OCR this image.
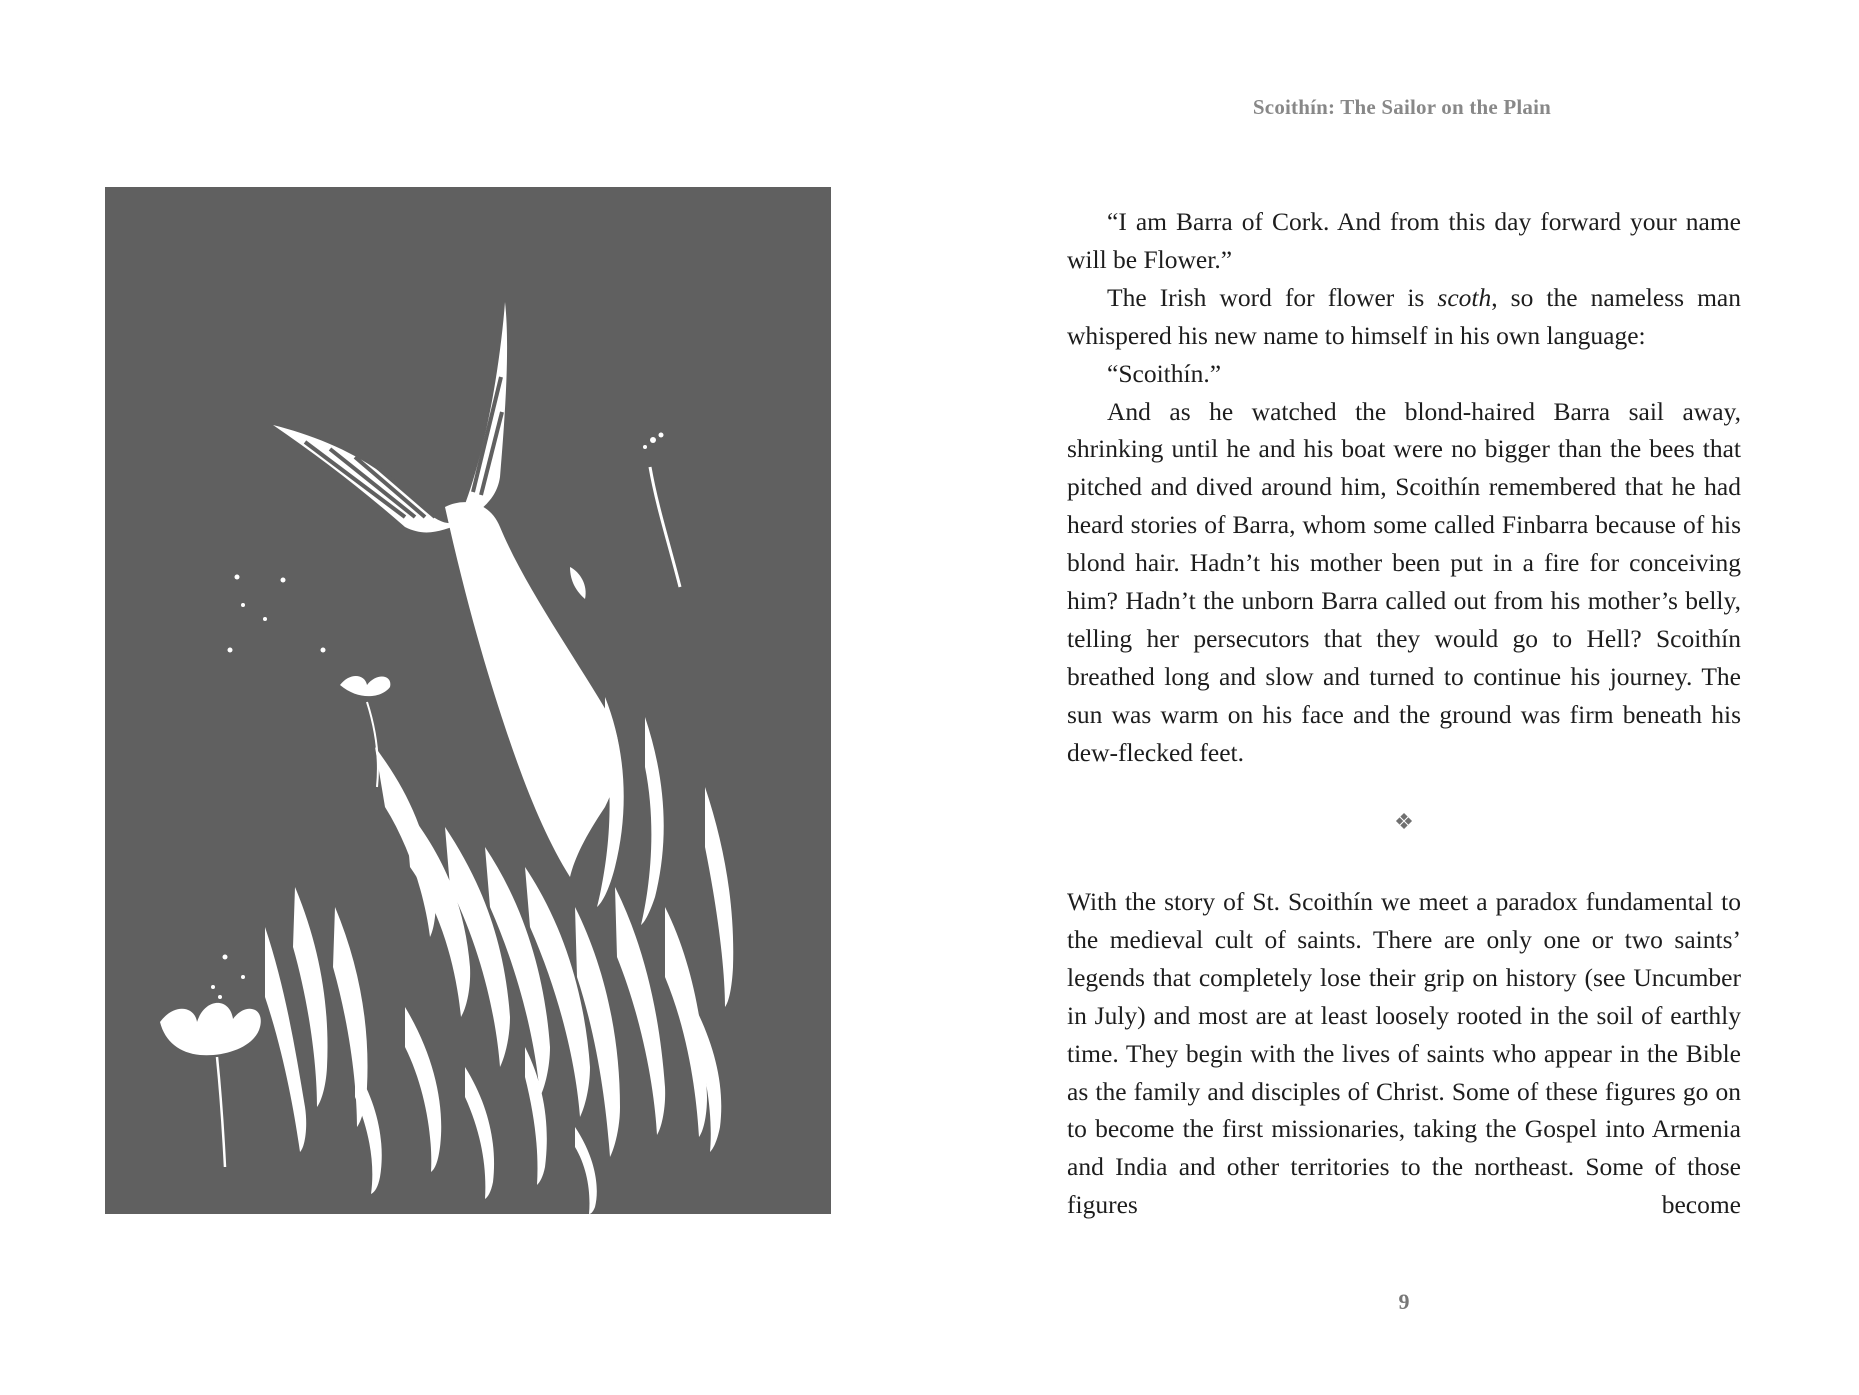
Scoithín: The Sailor on the Plain

“I am Barra of Cork. And from this day forward your name will be Flower.”

The Irish word for flower is scoth, so the nameless man whispered his new name to himself in his own language:

“Scoithín.”

And as he watched the blond-haired Barra sail away, shrinking until he and his boat were no bigger than the bees that pitched and dived around him, Scoithín remembered that he had heard stories of Barra, whom some called Finbarra because of his blond hair. Hadn’t his mother been put in a fire for conceiving him? Hadn’t the unborn Barra called out from his mother’s belly, telling her persecutors that they would go to Hell? Scoithín breathed long and slow and turned to continue his journey. The sun was warm on his face and the ground was firm beneath his dew-flecked feet.

❖

With the story of St. Scoithín we meet a paradox fundamental to the medieval cult of saints. There are only one or two saints’ legends that completely lose their grip on history (see Uncumber in July) and most are at least loosely rooted in the soil of earthly time. They begin with the lives of saints who appear in the Bible as the family and disciples of Christ. Some of these figures go on to become the first missionaries, taking the Gospel into Armenia and India and other territories to the northeast. Some of those figures become

9
